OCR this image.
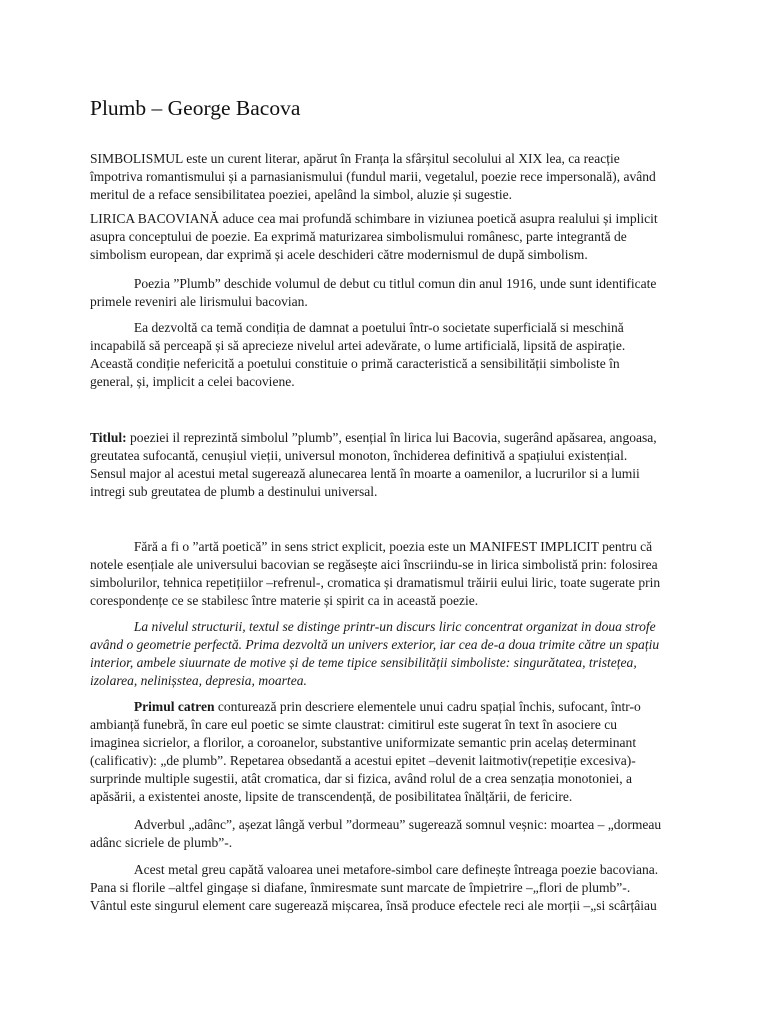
Plumb – George Bacova
SIMBOLISMUL este un curent literar, apărut în Franța la sfârșitul secolului al XIX lea, ca reacție
împotriva romantismului și a parnasianismului (fundul marii, vegetalul, poezie rece impersonală), având
meritul de a reface sensibilitatea poeziei, apelând la simbol, aluzie și sugestie.
LIRICA BACOVIANĂ aduce cea mai profundă schimbare in viziunea poetică asupra realului și implicit
asupra conceptului de poezie. Ea exprimă maturizarea simbolismului românesc, parte integrantă de
simbolism european, dar exprimă și acele deschideri către modernismul de după simbolism.
Poezia ”Plumb” deschide volumul de debut cu titlul comun din anul 1916, unde sunt identificate
primele reveniri ale lirismului bacovian.
Ea dezvoltă ca temă condiția de damnat a poetului într-o societate superficială si meschină
incapabilă să perceapă și să aprecieze nivelul artei adevărate, o lume artificială, lipsită de aspirație.
Această condiție nefericită a poetului constituie o primă caracteristică a sensibilității simboliste în
general, și, implicit a celei bacoviene.
Titlul: poeziei il reprezintă simbolul ”plumb”, esențial în lirica lui Bacovia, sugerând apăsarea, angoasa,
greutatea sufocantă, cenușiul vieții, universul monoton, închiderea definitivă a spațiului existențial.
Sensul major al acestui metal sugerează alunecarea lentă în moarte a oamenilor, a lucrurilor si a lumii
intregi sub greutatea de plumb a destinului universal.
Fără a fi o ”artă poetică” in sens strict explicit, poezia este un MANIFEST IMPLICIT pentru că
notele esențiale ale universului bacovian se regăsește aici înscriindu-se in lirica simbolistă prin: folosirea
simbolurilor, tehnica repetițiilor –refrenul-, cromatica și dramatismul trăirii eului liric, toate sugerate prin
corespondențe ce se stabilesc între materie și spirit ca in această poezie.
La nivelul structurii, textul se distinge printr-un discurs liric concentrat organizat in doua strofe
având o geometrie perfectă. Prima dezvoltă un univers exterior, iar cea de-a doua trimite către un spațiu
interior, ambele siuurnate de motive și de teme tipice sensibilității simboliste: singurătatea, tristețea,
izolarea, nelinișstea, depresia, moartea.
Primul catren conturează prin descriere elementele unui cadru spațial închis, sufocant, într-o
ambianță funebră, în care eul poetic se simte claustrat: cimitirul este sugerat în text în asociere cu
imaginea sicrielor, a florilor, a coroanelor, substantive uniformizate semantic prin acelaș determinant
(calificativ): „de plumb”. Repetarea obsedantă a acestui epitet –devenit laitmotiv(repetiție excesiva)-
surprinde multiple sugestii, atât cromatica, dar si fizica, având rolul de a crea senzația monotoniei, a
apăsării, a existentei anoste, lipsite de transcendență, de posibilitatea înălțării, de fericire.
Adverbul „adânc”, așezat lângă verbul ”dormeau” sugerează somnul veșnic: moartea – „dormeau
adânc sicriele de plumb”-.
Acest metal greu capătă valoarea unei metafore-simbol care definește întreaga poezie bacoviana.
Pana si florile –altfel gingașe si diafane, înmiresmate sunt marcate de împietrire –„flori de plumb”-.
Vântul este singurul element care sugerează mișcarea, însă produce efectele reci ale morții –„si scârțâiau
